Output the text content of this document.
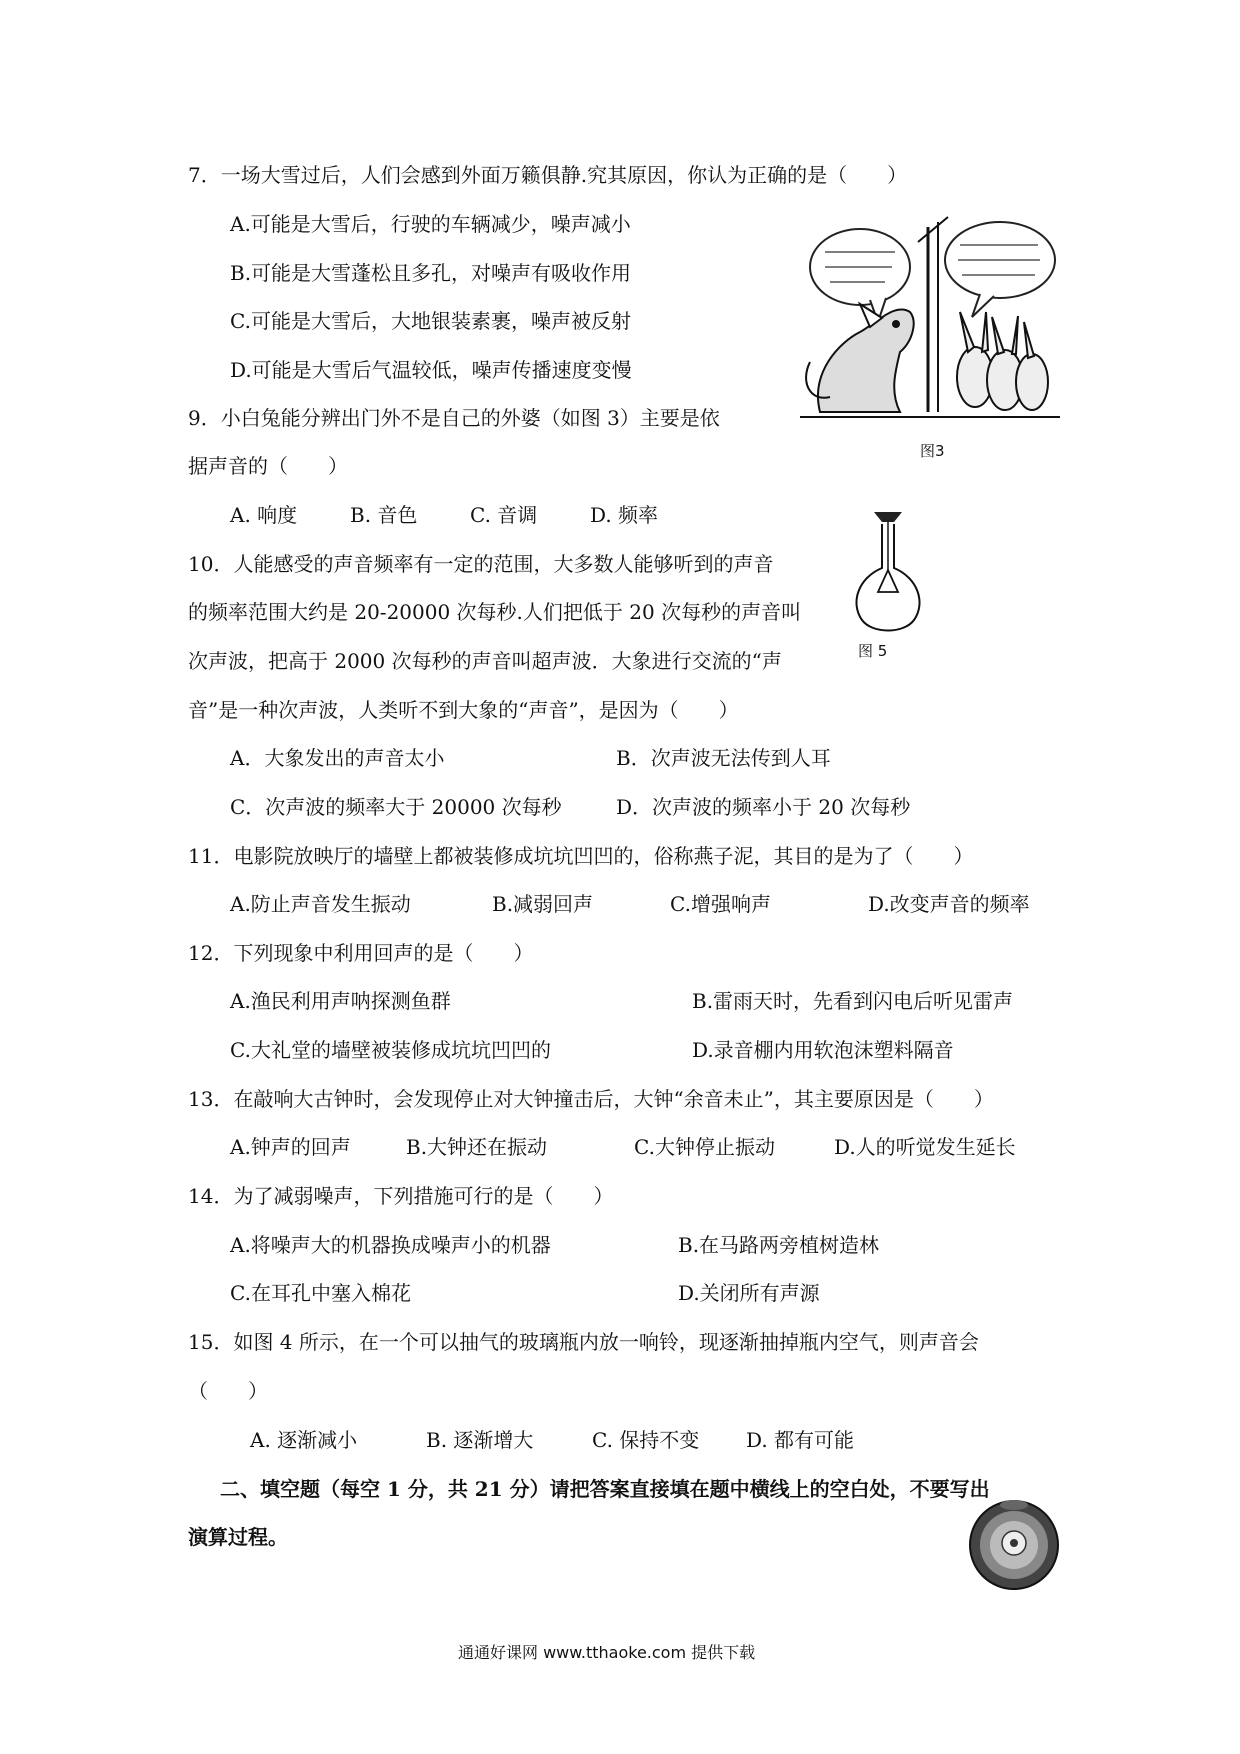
7．一场大雪过后，人们会感到外面万籁俱静.究其原因，你认为正确的是（　　）
A.可能是大雪后，行驶的车辆减少，噪声减小
B.可能是大雪蓬松且多孔，对噪声有吸收作用
C.可能是大雪后，大地银装素裹，噪声被反射
D.可能是大雪后气温较低，噪声传播速度变慢
图3
9．小白兔能分辨出门外不是自己的外婆（如图 3）主要是依
据声音的（　　）
A. 响度	B. 音色	C. 音调	D. 频率
图 5
10．人能感受的声音频率有一定的范围，大多数人能够听到的声音
的频率范围大约是 20-20000 次每秒.人们把低于 20 次每秒的声音叫
次声波，把高于 2000 次每秒的声音叫超声波．大象进行交流的“声
音”是一种次声波，人类听不到大象的“声音”，是因为（　　）
A．大象发出的声音太小	B．次声波无法传到人耳
C．次声波的频率大于 20000 次每秒	D．次声波的频率小于 20 次每秒
11．电影院放映厅的墙壁上都被装修成坑坑凹凹的，俗称燕子泥，其目的是为了（　　）
A.防止声音发生振动	B.减弱回声	C.增强响声	D.改变声音的频率
12．下列现象中利用回声的是（　　）
A.渔民利用声呐探测鱼群	B.雷雨天时，先看到闪电后听见雷声
C.大礼堂的墙壁被装修成坑坑凹凹的	D.录音棚内用软泡沫塑料隔音
13．在敲响大古钟时，会发现停止对大钟撞击后，大钟“余音未止”，其主要原因是（　　）
A.钟声的回声	B.大钟还在振动	C.大钟停止振动	D.人的听觉发生延长
14．为了减弱噪声，下列措施可行的是（　　）
A.将噪声大的机器换成噪声小的机器	B.在马路两旁植树造林
C.在耳孔中塞入棉花	D.关闭所有声源
15．如图 4 所示，在一个可以抽气的玻璃瓶内放一响铃，现逐渐抽掉瓶内空气，则声音会
（　　）
A. 逐渐减小	B. 逐渐增大	C. 保持不变 D. 都有可能
二、填空题（每空 1 分，共 21 分）请把答案直接填在题中横线上的空白处，不要写出
演算过程。
通通好课网 www.tthaoke.com 提供下载
